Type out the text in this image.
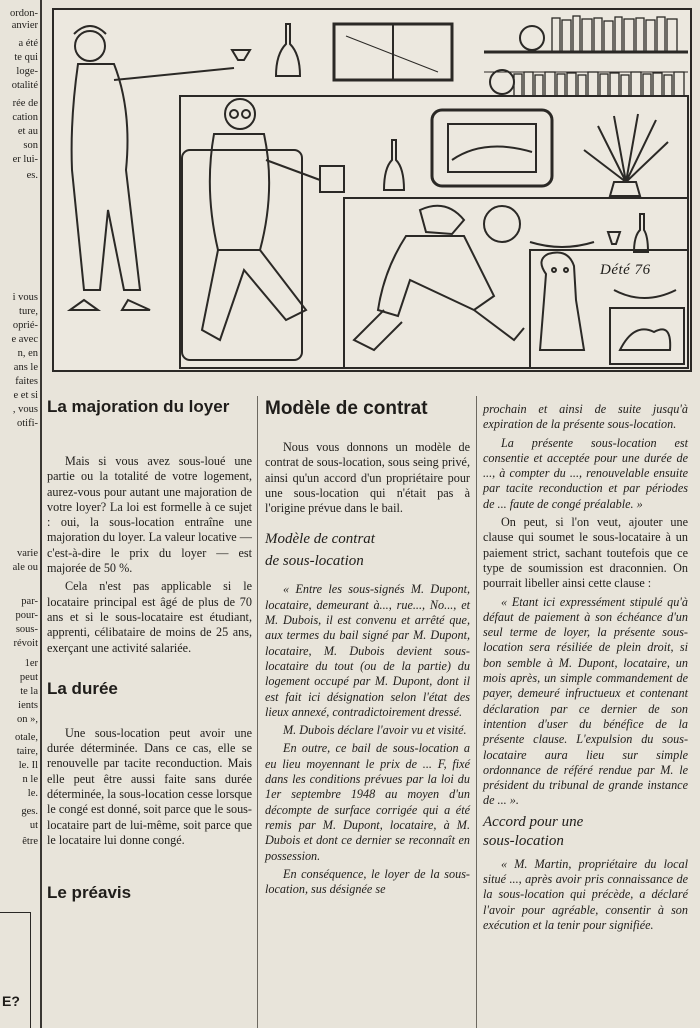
E?
ordon-
anvier
a été
te qui
loge-
otalité
rée de
cation
et au
son
er lui-
es.
i vous
ture,
oprié-
e avec
n, en
ans le
faites
e et si
, vous
otifi-
varie
ale ou
par-
pour-
sous-
révoit
1er
peut
te la
ients
on »,
otale,
taire,
le. Il
n le
le.
ges.
ut
être
Dété 76
La majoration du loyer

Mais si vous avez sous-loué une partie ou la totalité de votre logement, aurez-vous pour autant une majoration de votre loyer? La loi est formelle à ce sujet : oui, la sous-location entraîne une majoration du loyer. La valeur locative — c'est-à-dire le prix du loyer — est majorée de 50 %.

Cela n'est pas applicable si le locataire principal est âgé de plus de 70 ans et si le sous-locataire est étudiant, apprenti, célibataire de moins de 25 ans, exerçant une activité salariée.

La durée

Une sous-location peut avoir une durée déterminée. Dans ce cas, elle se renouvelle par tacite reconduction. Mais elle peut être aussi faite sans durée déterminée, la sous-location cesse lorsque le congé est donné, soit parce que le sous-locataire part de lui-même, soit parce que le locataire lui donne congé.

Le préavis
Modèle de contrat

Nous vous donnons un modèle de contrat de sous-location, sous seing privé, ainsi qu'un accord d'un propriétaire pour une sous-location qui n'était pas à l'origine prévue dans le bail.

Modèle de contrat
de sous-location

« Entre les sous-signés M. Dupont, locataire, demeurant à..., rue..., No..., et M. Dubois, il est convenu et arrêté que, aux termes du bail signé par M. Dupont, locataire, M. Dubois devient sous-locataire du tout (ou de la partie) du logement occupé par M. Dupont, dont il est fait ici désignation selon l'état des lieux annexé, contradictoirement dressé.

M. Dubois déclare l'avoir vu et visité.

En outre, ce bail de sous-location a eu lieu moyennant le prix de ... F, fixé dans les conditions prévues par la loi du 1er septembre 1948 au moyen d'un décompte de surface corrigée qui a été remis par M. Dupont, locataire, à M. Dubois et dont ce dernier se reconnaît en possession.

En conséquence, le loyer de la sous-location, sus désignée se

prochain et ainsi de suite jusqu'à expiration de la présente sous-location.

La présente sous-location est consentie et acceptée pour une durée de ..., à compter du ..., renouvelable ensuite par tacite reconduction et par périodes de ... faute de congé préalable. »

On peut, si l'on veut, ajouter une clause qui soumet le sous-locataire à un paiement strict, sachant toutefois que ce type de soumission est draconnien. On pourrait libeller ainsi cette clause :

« Etant ici expressément stipulé qu'à défaut de paiement à son échéance d'un seul terme de loyer, la présente sous-location sera résiliée de plein droit, si bon semble à M. Dupont, locataire, un mois après, un simple commandement de payer, demeuré infructueux et contenant déclaration par ce dernier de son intention d'user du bénéfice de la présente clause. L'expulsion du sous-locataire aura lieu sur simple ordonnance de référé rendue par M. le président du tribunal de grande instance de ... ».

Accord pour une
sous-location

« M. Martin, propriétaire du local situé ..., après avoir pris connaissance de la sous-location qui précède, a déclaré l'avoir pour agréable, consentir à son exécution et la tenir pour signifiée.
